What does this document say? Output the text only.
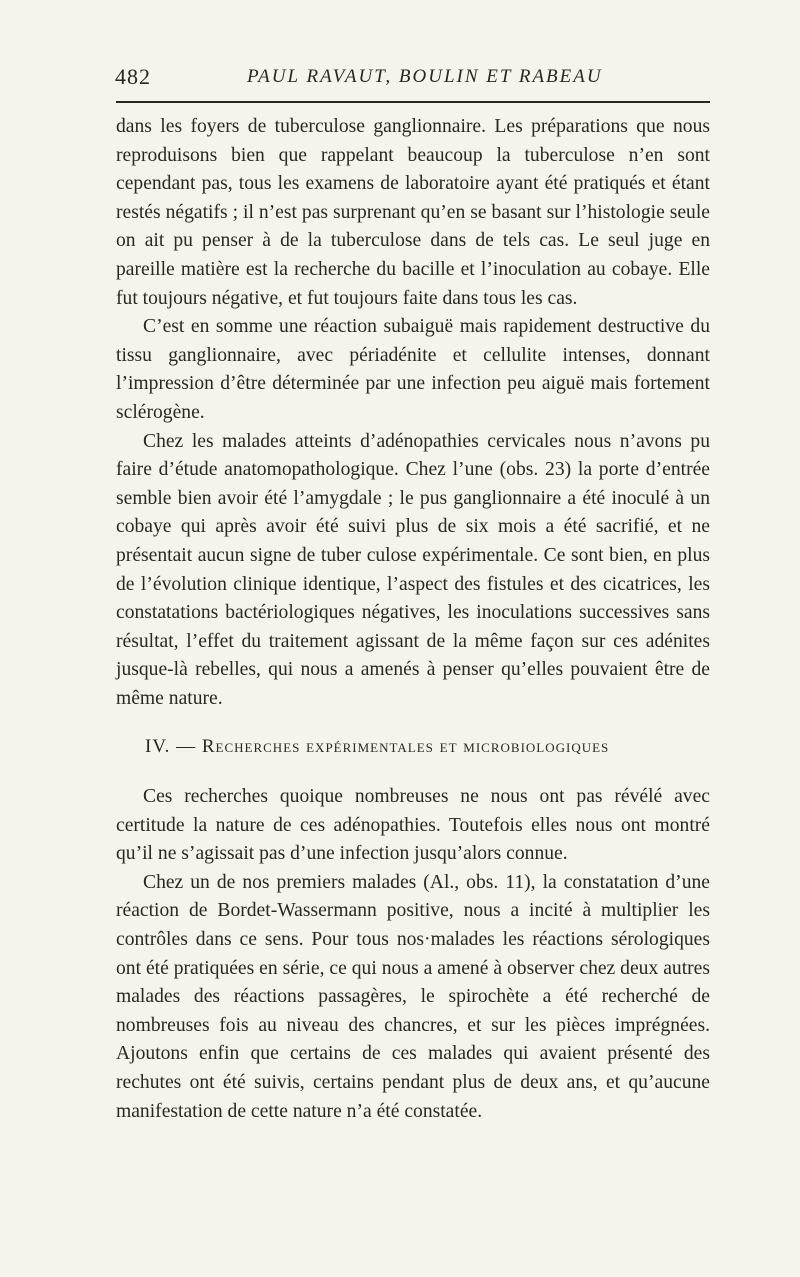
482	PAUL RAVAUT, BOULIN ET RABEAU

dans les foyers de tuberculose ganglionnaire. Les préparations que nous reproduisons bien que rappelant beaucoup la tuberculose n’en sont cependant pas, tous les examens de laboratoire ayant été pratiqués et étant restés négatifs ; il n’est pas surprenant qu’en se basant sur l’histologie seule on ait pu penser à de la tuberculose dans de tels cas. Le seul juge en pareille matière est la recherche du bacille et l’inoculation au cobaye. Elle fut toujours négative, et fut toujours faite dans tous les cas.

C’est en somme une réaction subaiguë mais rapidement destructive du tissu ganglionnaire, avec périadénite et cellulite intenses, donnant l’impression d’être déterminée par une infection peu aiguë mais fortement sclérogène.

Chez les malades atteints d’adénopathies cervicales nous n’avons pu faire d’étude anatomopathologique. Chez l’une (obs. 23) la porte d’entrée semble bien avoir été l’amygdale ; le pus ganglionnaire a été inoculé à un cobaye qui après avoir été suivi plus de six mois a été sacrifié, et ne présentait aucun signe de tuber culose expérimentale. Ce sont bien, en plus de l’évolution clinique identique, l’aspect des fistules et des cicatrices, les constatations bactériologiques négatives, les inoculations successives sans résultat, l’effet du traitement agissant de la même façon sur ces adénites jusque-là rebelles, qui nous a amenés à penser qu’elles pouvaient être de même nature.

IV. — Recherches expérimentales et microbiologiques

Ces recherches quoique nombreuses ne nous ont pas révélé avec certitude la nature de ces adénopathies. Toutefois elles nous ont montré qu’il ne s’agissait pas d’une infection jusqu’alors connue.

Chez un de nos premiers malades (Al., obs. 11), la constatation d’une réaction de Bordet-Wassermann positive, nous a incité à multiplier les contrôles dans ce sens. Pour tous nos·malades les réactions sérologiques ont été pratiquées en série, ce qui nous a amené à observer chez deux autres malades des réactions passagères, le spirochète a été recherché de nombreuses fois au niveau des chancres, et sur les pièces imprégnées. Ajoutons enfin que certains de ces malades qui avaient présenté des rechutes ont été suivis, certains pendant plus de deux ans, et qu’aucune manifestation de cette nature n’a été constatée.
